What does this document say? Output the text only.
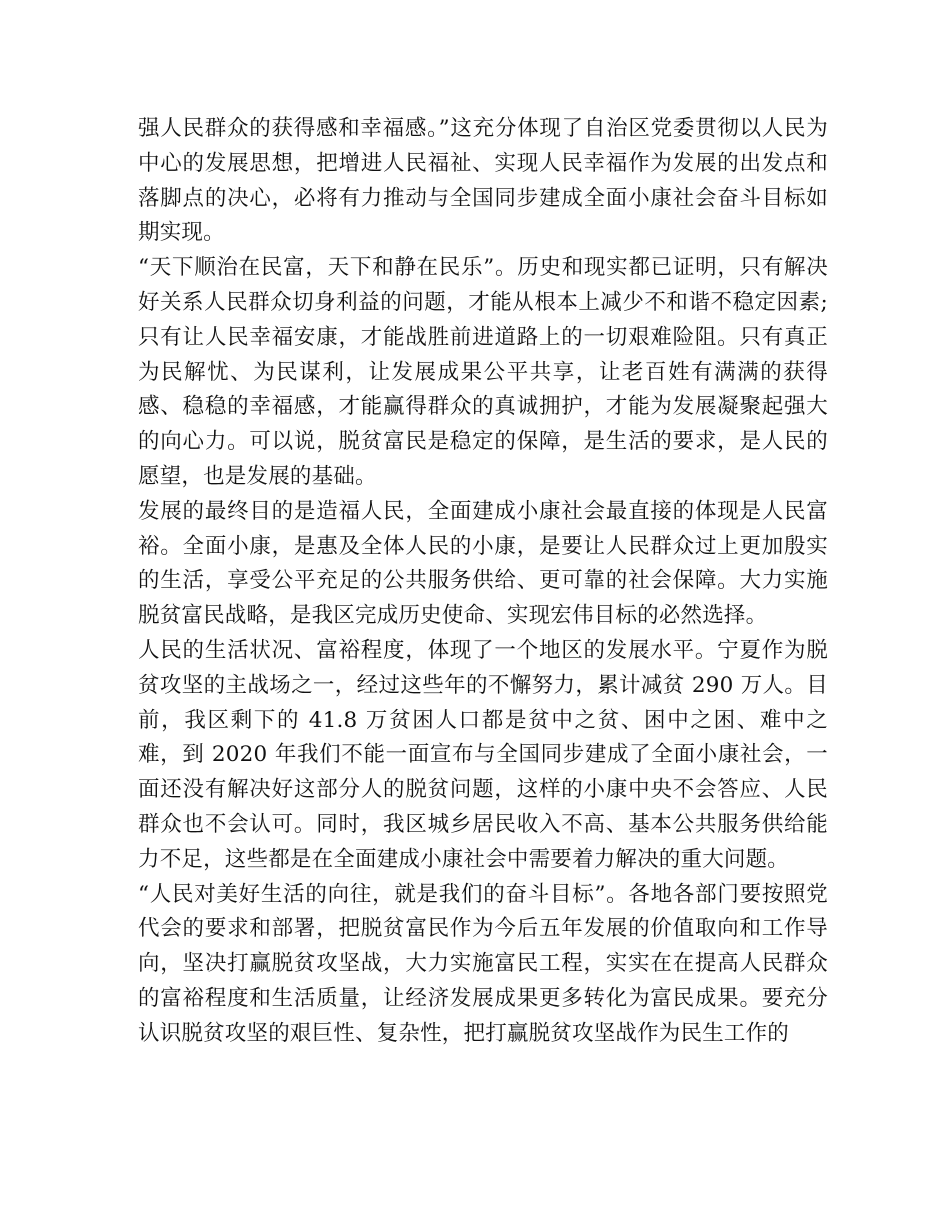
强人民群众的获得感和幸福感。”这充分体现了自治区党委贯彻以人民为中心的发展思想，把增进人民福祉、实现人民幸福作为发展的出发点和落脚点的决心，必将有力推动与全国同步建成全面小康社会奋斗目标如期实现。

“天下顺治在民富，天下和静在民乐”。历史和现实都已证明，只有解决好关系人民群众切身利益的问题，才能从根本上减少不和谐不稳定因素;只有让人民幸福安康，才能战胜前进道路上的一切艰难险阻。只有真正为民解忧、为民谋利，让发展成果公平共享，让老百姓有满满的获得感、稳稳的幸福感，才能赢得群众的真诚拥护，才能为发展凝聚起强大的向心力。可以说，脱贫富民是稳定的保障，是生活的要求，是人民的愿望，也是发展的基础。

发展的最终目的是造福人民，全面建成小康社会最直接的体现是人民富裕。全面小康，是惠及全体人民的小康，是要让人民群众过上更加殷实的生活，享受公平充足的公共服务供给、更可靠的社会保障。大力实施脱贫富民战略，是我区完成历史使命、实现宏伟目标的必然选择。

人民的生活状况、富裕程度，体现了一个地区的发展水平。宁夏作为脱贫攻坚的主战场之一，经过这些年的不懈努力，累计减贫 290 万人。目前，我区剩下的 41.8 万贫困人口都是贫中之贫、困中之困、难中之难，到 2020 年我们不能一面宣布与全国同步建成了全面小康社会，一面还没有解决好这部分人的脱贫问题，这样的小康中央不会答应、人民群众也不会认可。同时，我区城乡居民收入不高、基本公共服务供给能力不足，这些都是在全面建成小康社会中需要着力解决的重大问题。

“人民对美好生活的向往，就是我们的奋斗目标”。各地各部门要按照党代会的要求和部署，把脱贫富民作为今后五年发展的价值取向和工作导向，坚决打赢脱贫攻坚战，大力实施富民工程，实实在在提高人民群众的富裕程度和生活质量，让经济发展成果更多转化为富民成果。要充分认识脱贫攻坚的艰巨性、复杂性，把打赢脱贫攻坚战作为民生工作的
